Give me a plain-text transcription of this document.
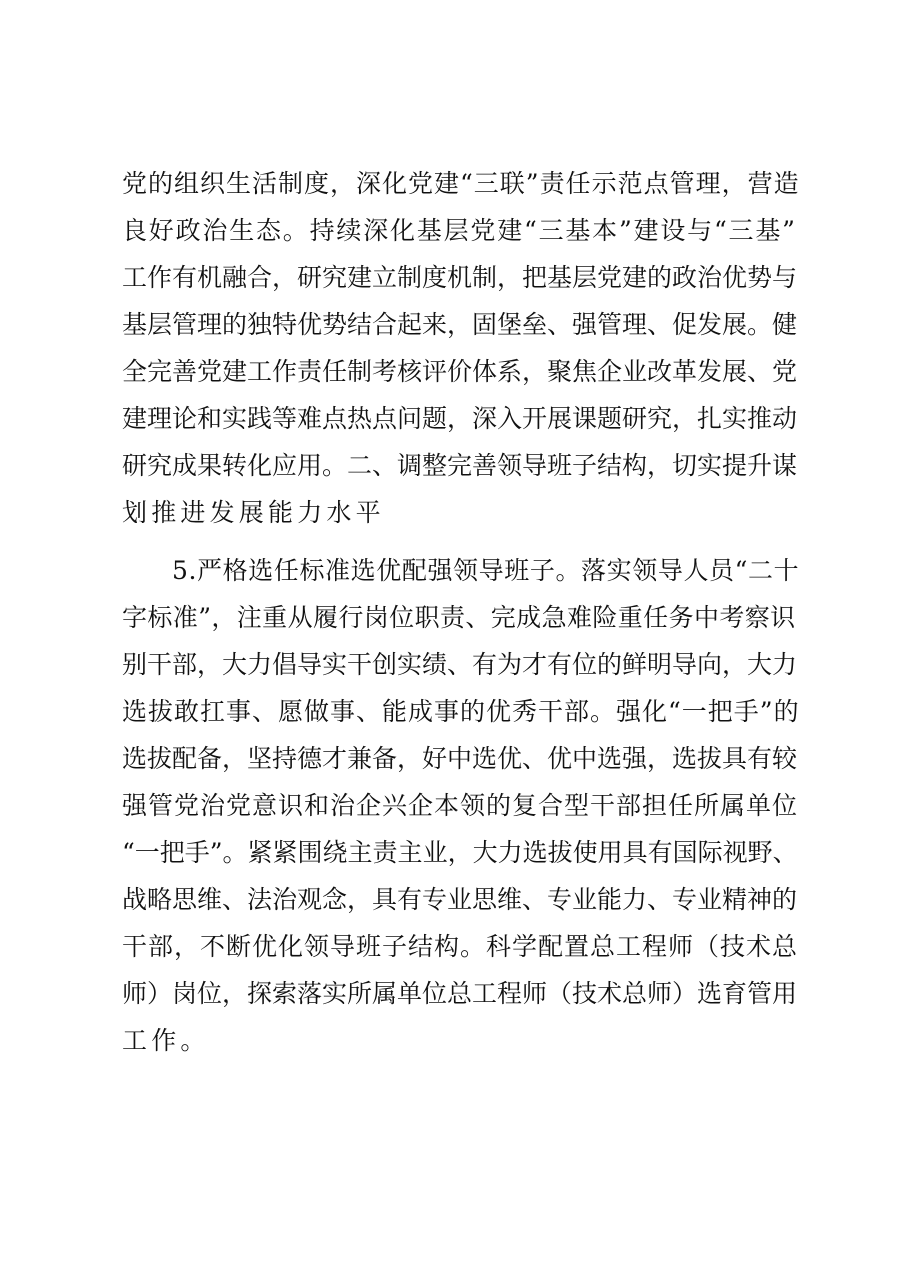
党的组织生活制度，深化党建“三联”责任示范点管理，营造
良好政治生态。持续深化基层党建“三基本”建设与“三基”
工作有机融合，研究建立制度机制，把基层党建的政治优势与
基层管理的独特优势结合起来，固堡垒、强管理、促发展。健
全完善党建工作责任制考核评价体系，聚焦企业改革发展、党
建理论和实践等难点热点问题，深入开展课题研究，扎实推动
研究成果转化应用。二、调整完善领导班子结构，切实提升谋
划推进发展能力水平
5.严格选任标准选优配强领导班子。落实领导人员“二十
字标准”，注重从履行岗位职责、完成急难险重任务中考察识
别干部，大力倡导实干创实绩、有为才有位的鲜明导向，大力
选拔敢扛事、愿做事、能成事的优秀干部。强化“一把手”的
选拔配备，坚持德才兼备，好中选优、优中选强，选拔具有较
强管党治党意识和治企兴企本领的复合型干部担任所属单位
“一把手”。紧紧围绕主责主业，大力选拔使用具有国际视野、
战略思维、法治观念，具有专业思维、专业能力、专业精神的
干部，不断优化领导班子结构。科学配置总工程师（技术总
师）岗位，探索落实所属单位总工程师（技术总师）选育管用
工作。
